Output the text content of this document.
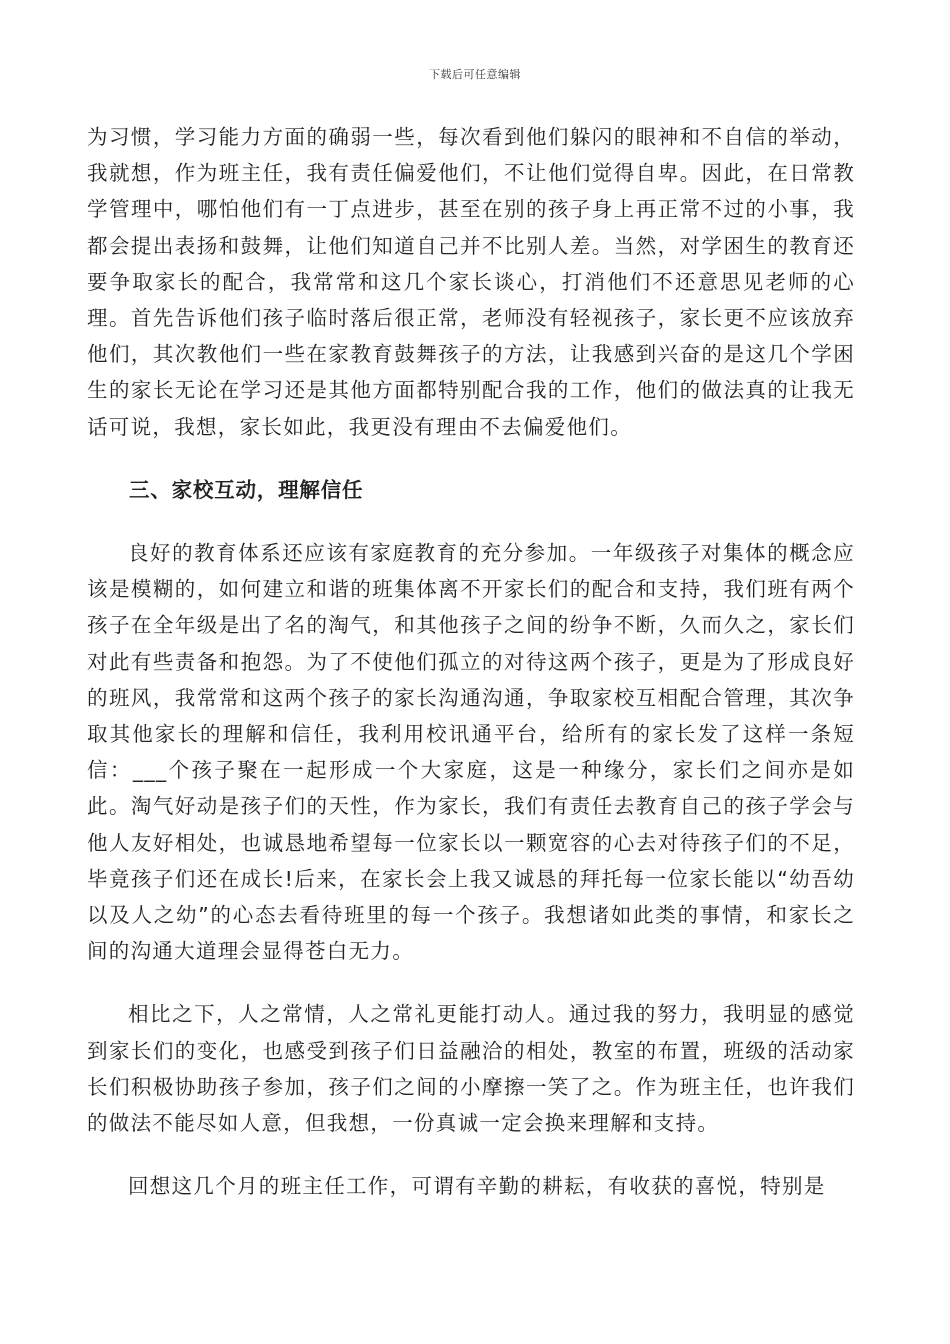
下载后可任意编辑

为习惯，学习能力方面的确弱一些，每次看到他们躲闪的眼神和不自信的举动，我就想，作为班主任，我有责任偏爱他们，不让他们觉得自卑。因此，在日常教学管理中，哪怕他们有一丁点进步，甚至在别的孩子身上再正常不过的小事，我都会提出表扬和鼓舞，让他们知道自己并不比别人差。当然，对学困生的教育还要争取家长的配合，我常常和这几个家长谈心，打消他们不还意思见老师的心理。首先告诉他们孩子临时落后很正常，老师没有轻视孩子，家长更不应该放弃他们，其次教他们一些在家教育鼓舞孩子的方法，让我感到兴奋的是这几个学困生的家长无论在学习还是其他方面都特别配合我的工作，他们的做法真的让我无话可说，我想，家长如此，我更没有理由不去偏爱他们。

三、家校互动，理解信任

良好的教育体系还应该有家庭教育的充分参加。一年级孩子对集体的概念应该是模糊的，如何建立和谐的班集体离不开家长们的配合和支持，我们班有两个孩子在全年级是出了名的淘气，和其他孩子之间的纷争不断，久而久之，家长们对此有些责备和抱怨。为了不使他们孤立的对待这两个孩子，更是为了形成良好的班风，我常常和这两个孩子的家长沟通沟通，争取家校互相配合管理，其次争取其他家长的理解和信任，我利用校讯通平台，给所有的家长发了这样一条短信：___个孩子聚在一起形成一个大家庭，这是一种缘分，家长们之间亦是如此。淘气好动是孩子们的天性，作为家长，我们有责任去教育自己的孩子学会与他人友好相处，也诚恳地希望每一位家长以一颗宽容的心去对待孩子们的不足，毕竟孩子们还在成长!后来，在家长会上我又诚恳的拜托每一位家长能以“幼吾幼以及人之幼”的心态去看待班里的每一个孩子。我想诸如此类的事情，和家长之间的沟通大道理会显得苍白无力。

相比之下，人之常情，人之常礼更能打动人。通过我的努力，我明显的感觉到家长们的变化，也感受到孩子们日益融洽的相处，教室的布置，班级的活动家长们积极协助孩子参加，孩子们之间的小摩擦一笑了之。作为班主任，也许我们的做法不能尽如人意，但我想，一份真诚一定会换来理解和支持。

回想这几个月的班主任工作，可谓有辛勤的耕耘，有收获的喜悦，特别是
